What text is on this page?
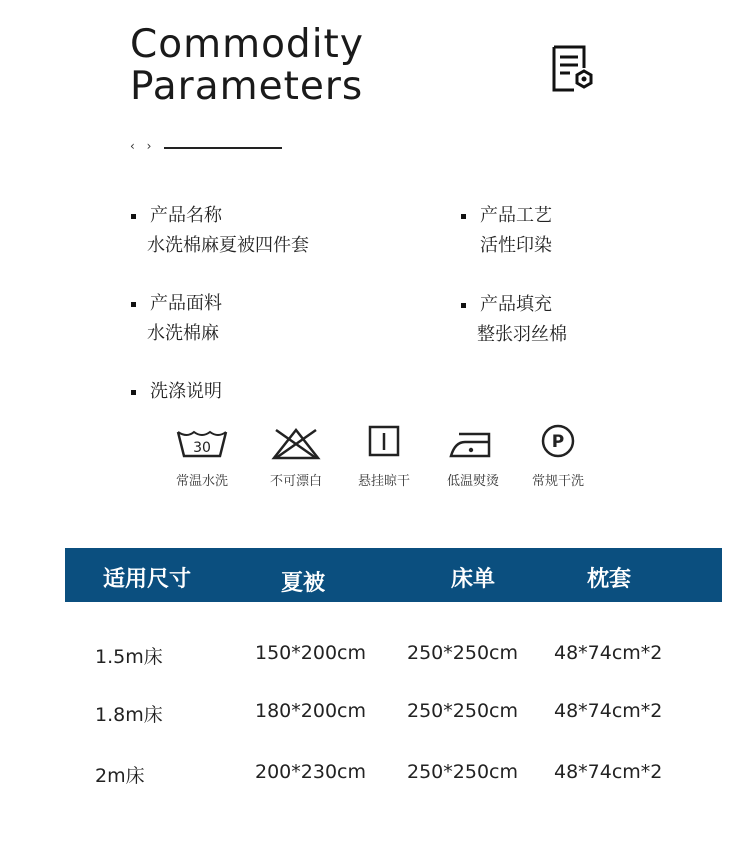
Commodity
Parameters
‹ ›
产品名称
水洗棉麻夏被四件套
产品工艺
活性印染
产品面料
水洗棉麻
产品填充
整张羽丝棉
洗涤说明
30	P
常温水洗	不可漂白	悬挂晾干	低温熨烫	常规干洗
适用尺寸	夏被	床单	枕套
1.5m床	150*200cm 250*250cm 48*74cm*2
1.8m床	180*200cm 250*250cm 48*74cm*2
2m床	200*230cm 250*250cm 48*74cm*2
